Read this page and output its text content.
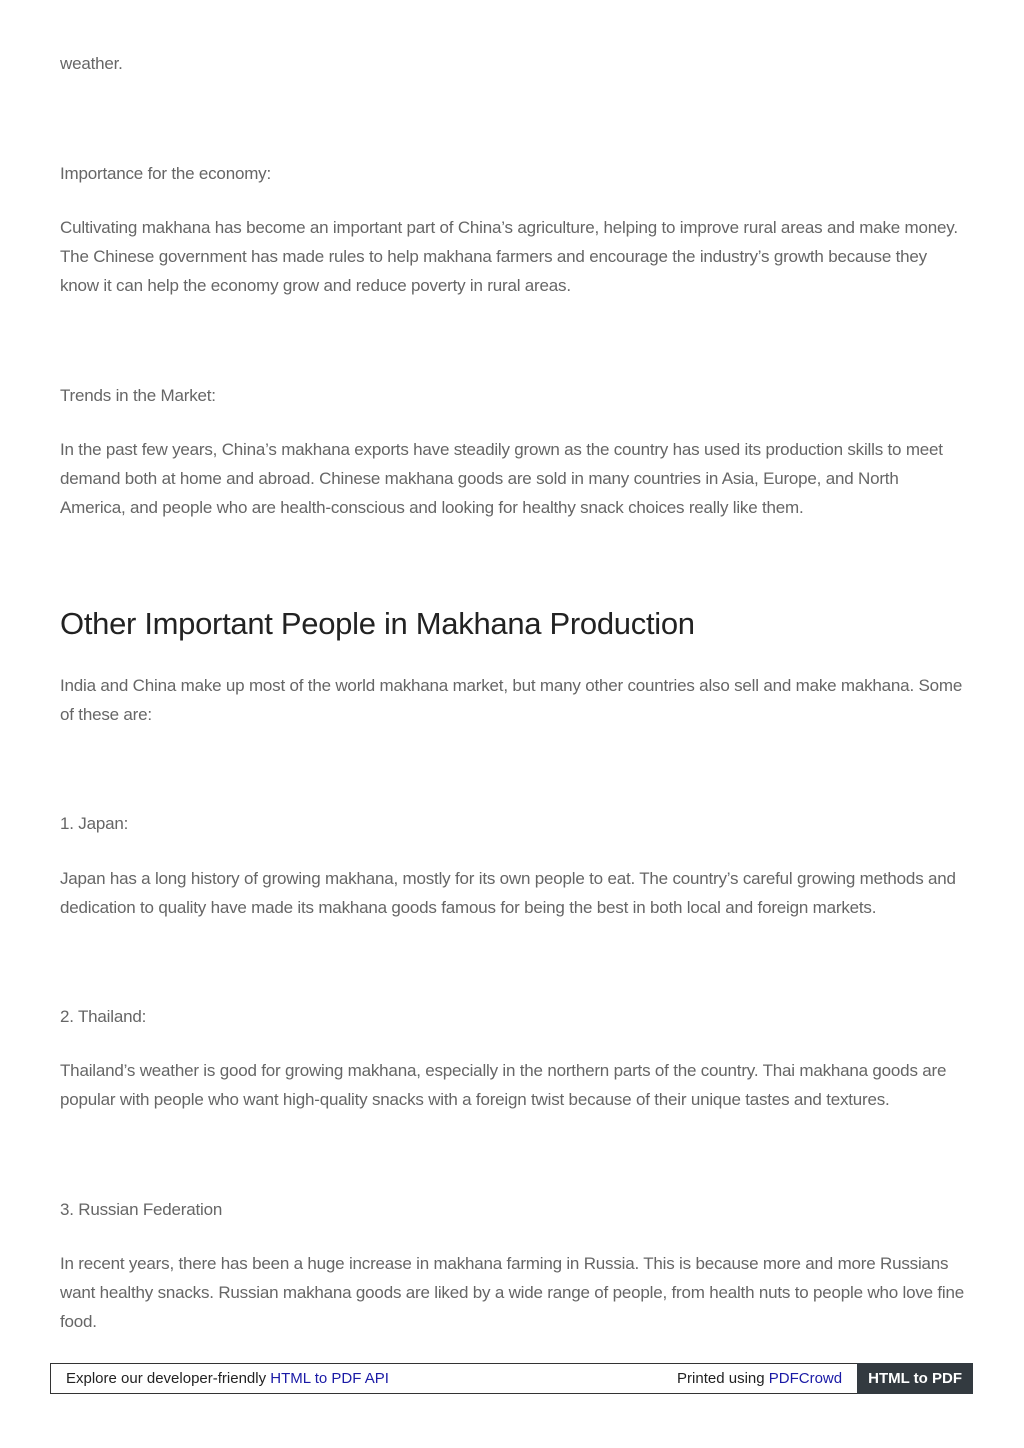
weather.

Importance for the economy:

Cultivating makhana has become an important part of China’s agriculture, helping to improve rural areas and make money. The Chinese government has made rules to help makhana farmers and encourage the industry’s growth because they know it can help the economy grow and reduce poverty in rural areas.

Trends in the Market:

In the past few years, China’s makhana exports have steadily grown as the country has used its production skills to meet demand both at home and abroad. Chinese makhana goods are sold in many countries in Asia, Europe, and North America, and people who are health-conscious and looking for healthy snack choices really like them.

Other Important People in Makhana Production

India and China make up most of the world makhana market, but many other countries also sell and make makhana. Some of these are:

1. Japan:

Japan has a long history of growing makhana, mostly for its own people to eat. The country’s careful growing methods and dedication to quality have made its makhana goods famous for being the best in both local and foreign markets.

2. Thailand:

Thailand’s weather is good for growing makhana, especially in the northern parts of the country. Thai makhana goods are popular with people who want high-quality snacks with a foreign twist because of their unique tastes and textures.

3. Russian Federation

In recent years, there has been a huge increase in makhana farming in Russia. This is because more and more Russians want healthy snacks. Russian makhana goods are liked by a wide range of people, from health nuts to people who love fine food.

Explore our developer-friendly HTML to PDF API	Printed using PDFCrowd	HTML to PDF
